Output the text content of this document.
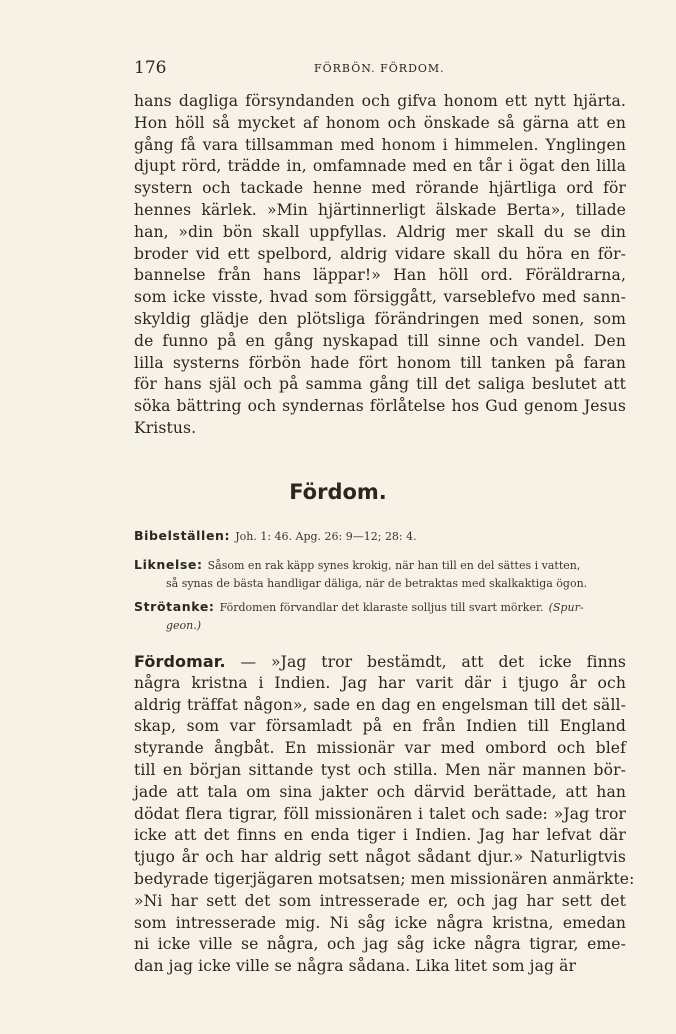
176	FÖRBÖN. FÖRDOM.
hans dagliga försyndanden och gifva honom ett nytt hjärta.
Hon höll så mycket af honom och önskade så gärna att en
gång få vara tillsamman med honom i himmelen. Ynglingen
djupt rörd, trädde in, omfamnade med en tår i ögat den lilla
systern och tackade henne med rörande hjärtliga ord för
hennes kärlek. »Min hjärtinnerligt älskade Berta», tillade
han, »din bön skall uppfyllas. Aldrig mer skall du se din
broder vid ett spelbord, aldrig vidare skall du höra en för-
bannelse från hans läppar!» Han höll ord. Föräldrarna,
som icke visste, hvad som försiggått, varseblefvo med sann-
skyldig glädje den plötsliga förändringen med sonen, som
de funno på en gång nyskapad till sinne och vandel. Den
lilla systerns förbön hade fört honom till tanken på faran
för hans själ och på samma gång till det saliga beslutet att
söka bättring och syndernas förlåtelse hos Gud genom Jesus
Kristus.
Fördom.
Bibelställen: Joh. 1: 46. Apg. 26: 9—12; 28: 4.
Liknelse: Såsom en rak käpp synes krokig, när han till en del sättes i vatten,
så synas de bästa handligar däliga, när de betraktas med skalkaktiga ögon.
Strötanke: Fördomen förvandlar det klaraste solljus till svart mörker. (Spur-
geon.)
Fördomar. — »Jag tror bestämdt, att det icke finns
några kristna i Indien. Jag har varit där i tjugo år och
aldrig träffat någon», sade en dag en engelsman till det säll-
skap, som var församladt på en från Indien till England
styrande ångbåt. En missionär var med ombord och blef
till en början sittande tyst och stilla. Men när mannen bör-
jade att tala om sina jakter och därvid berättade, att han
dödat flera tigrar, föll missionären i talet och sade: »Jag tror
icke att det finns en enda tiger i Indien. Jag har lefvat där
tjugo år och har aldrig sett något sådant djur.» Naturligtvis
bedyrade tigerjägaren motsatsen; men missionären anmärkte:
»Ni har sett det som intresserade er, och jag har sett det
som intresserade mig. Ni såg icke några kristna, emedan
ni icke ville se några, och jag såg icke några tigrar, eme-
dan jag icke ville se några sådana. Lika litet som jag är
